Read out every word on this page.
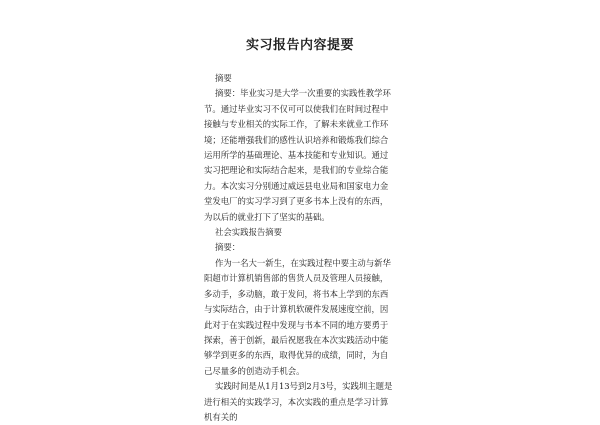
实习报告内容提要

摘要

摘要：毕业实习是大学一次重要的实践性教学环节。通过毕业实习不仅可可以使我们在时间过程中接触与专业相关的实际工作，了解未来就业工作环境；还能增强我们的感性认识培养和锻炼我们综合运用所学的基础理论、基本技能和专业知识。通过实习把理论和实际结合起来，是我们的专业综合能力。本次实习分别通过威远县电业局和国家电力金堂发电厂的实习学习到了更多书本上没有的东西，为以后的就业打下了坚实的基础。

社会实践报告摘要

摘要：

作为一名大一新生，在实践过程中要主动与新华阳超市计算机销售部的售货人员及管理人员接触，多动手，多动脑，敢于发问，将书本上学到的东西与实际结合，由于计算机软硬件发展速度空前，因此对于在实践过程中发现与书本不同的地方要勇于探索，善于创新，最后祝愿我在本次实践活动中能够学到更多的东西，取得优异的成绩，同时，为自己尽量多的创造动手机会。

实践时间是从1月13号到2月3号，实践圳主题是进行相关的实践学习，本次实践的重点是学习计算机有关的
